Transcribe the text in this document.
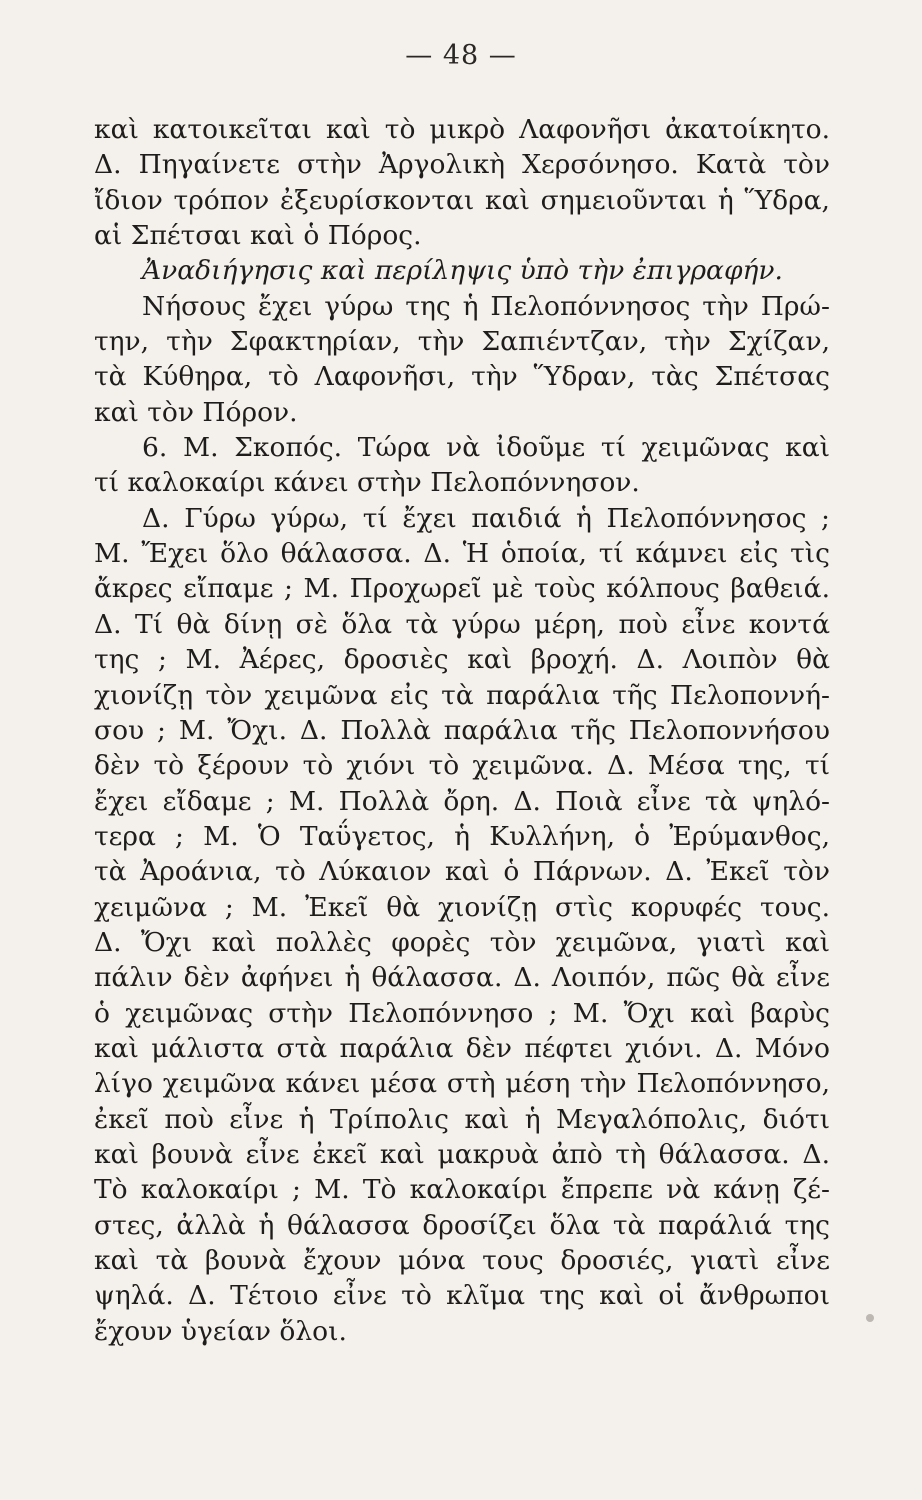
— 48 —
καὶ κατοικεῖται καὶ τὸ μικρὸ Λαφονῆσι ἀκατοίκητο.
Δ. Πηγαίνετε στὴν Ἀργολικὴ Χερσόνησο. Κατὰ τὸν
ἴδιον τρόπον ἐξευρίσκονται καὶ σημειοῦνται ἡ Ὕδρα,
αἱ Σπέτσαι καὶ ὁ Πόρος.
Ἀναδιήγησις καὶ περίληψις ὑπὸ τὴν ἐπιγραφήν.
Νήσους ἔχει γύρω της ἡ Πελοπόννησος τὴν Πρώ-
την, τὴν Σφακτηρίαν, τὴν Σαπιέντζαν, τὴν Σχίζαν,
τὰ Κύθηρα, τὸ Λαφονῆσι, τὴν Ὕδραν, τὰς Σπέτσας
καὶ τὸν Πόρον.
6. Μ. Σκοπός. Τώρα νὰ ἰδοῦμε τί χειμῶνας καὶ
τί καλοκαίρι κάνει στὴν Πελοπόννησον.
Δ. Γύρω γύρω, τί ἔχει παιδιά ἡ Πελοπόννησος ;
Μ. Ἔχει ὅλο θάλασσα. Δ. Ἡ ὁποία, τί κάμνει εἰς τὶς
ἄκρες εἴπαμε ; Μ. Προχωρεῖ μὲ τοὺς κόλπους βαθειά.
Δ. Τί θὰ δίνῃ σὲ ὅλα τὰ γύρω μέρη, ποὺ εἶνε κοντά
της ; Μ. Ἀέρες, δροσιὲς καὶ βροχή. Δ. Λοιπὸν θὰ
χιονίζῃ τὸν χειμῶνα εἰς τὰ παράλια τῆς Πελοποννή-
σου ; Μ. Ὄχι. Δ. Πολλὰ παράλια τῆς Πελοποννήσου
δὲν τὸ ξέρουν τὸ χιόνι τὸ χειμῶνα. Δ. Μέσα της, τί
ἔχει εἴδαμε ; Μ. Πολλὰ ὄρη. Δ. Ποιὰ εἶνε τὰ ψηλό-
τερα ; Μ. Ὁ Ταΰγετος, ἡ Κυλλήνη, ὁ Ἐρύμανθος,
τὰ Ἀροάνια, τὸ Λύκαιον καὶ ὁ Πάρνων. Δ. Ἐκεῖ τὸν
χειμῶνα ; Μ. Ἐκεῖ θὰ χιονίζῃ στὶς κορυφές τους.
Δ. Ὄχι καὶ πολλὲς φορὲς τὸν χειμῶνα, γιατὶ καὶ
πάλιν δὲν ἀφήνει ἡ θάλασσα. Δ. Λοιπόν, πῶς θὰ εἶνε
ὁ χειμῶνας στὴν Πελοπόννησο ; Μ. Ὄχι καὶ βαρὺς
καὶ μάλιστα στὰ παράλια δὲν πέφτει χιόνι. Δ. Μόνο
λίγο χειμῶνα κάνει μέσα στὴ μέση τὴν Πελοπόννησο,
ἐκεῖ ποὺ εἶνε ἡ Τρίπολις καὶ ἡ Μεγαλόπολις, διότι
καὶ βουνὰ εἶνε ἐκεῖ καὶ μακρυὰ ἀπὸ τὴ θάλασσα. Δ.
Τὸ καλοκαίρι ; Μ. Τὸ καλοκαίρι ἔπρεπε νὰ κάνῃ ζέ-
στες, ἀλλὰ ἡ θάλασσα δροσίζει ὅλα τὰ παράλιά της
καὶ τὰ βουνὰ ἔχουν μόνα τους δροσιές, γιατὶ εἶνε
ψηλά. Δ. Τέτοιο εἶνε τὸ κλῖμα της καὶ οἱ ἄνθρωποι
ἔχουν ὑγείαν ὅλοι.
